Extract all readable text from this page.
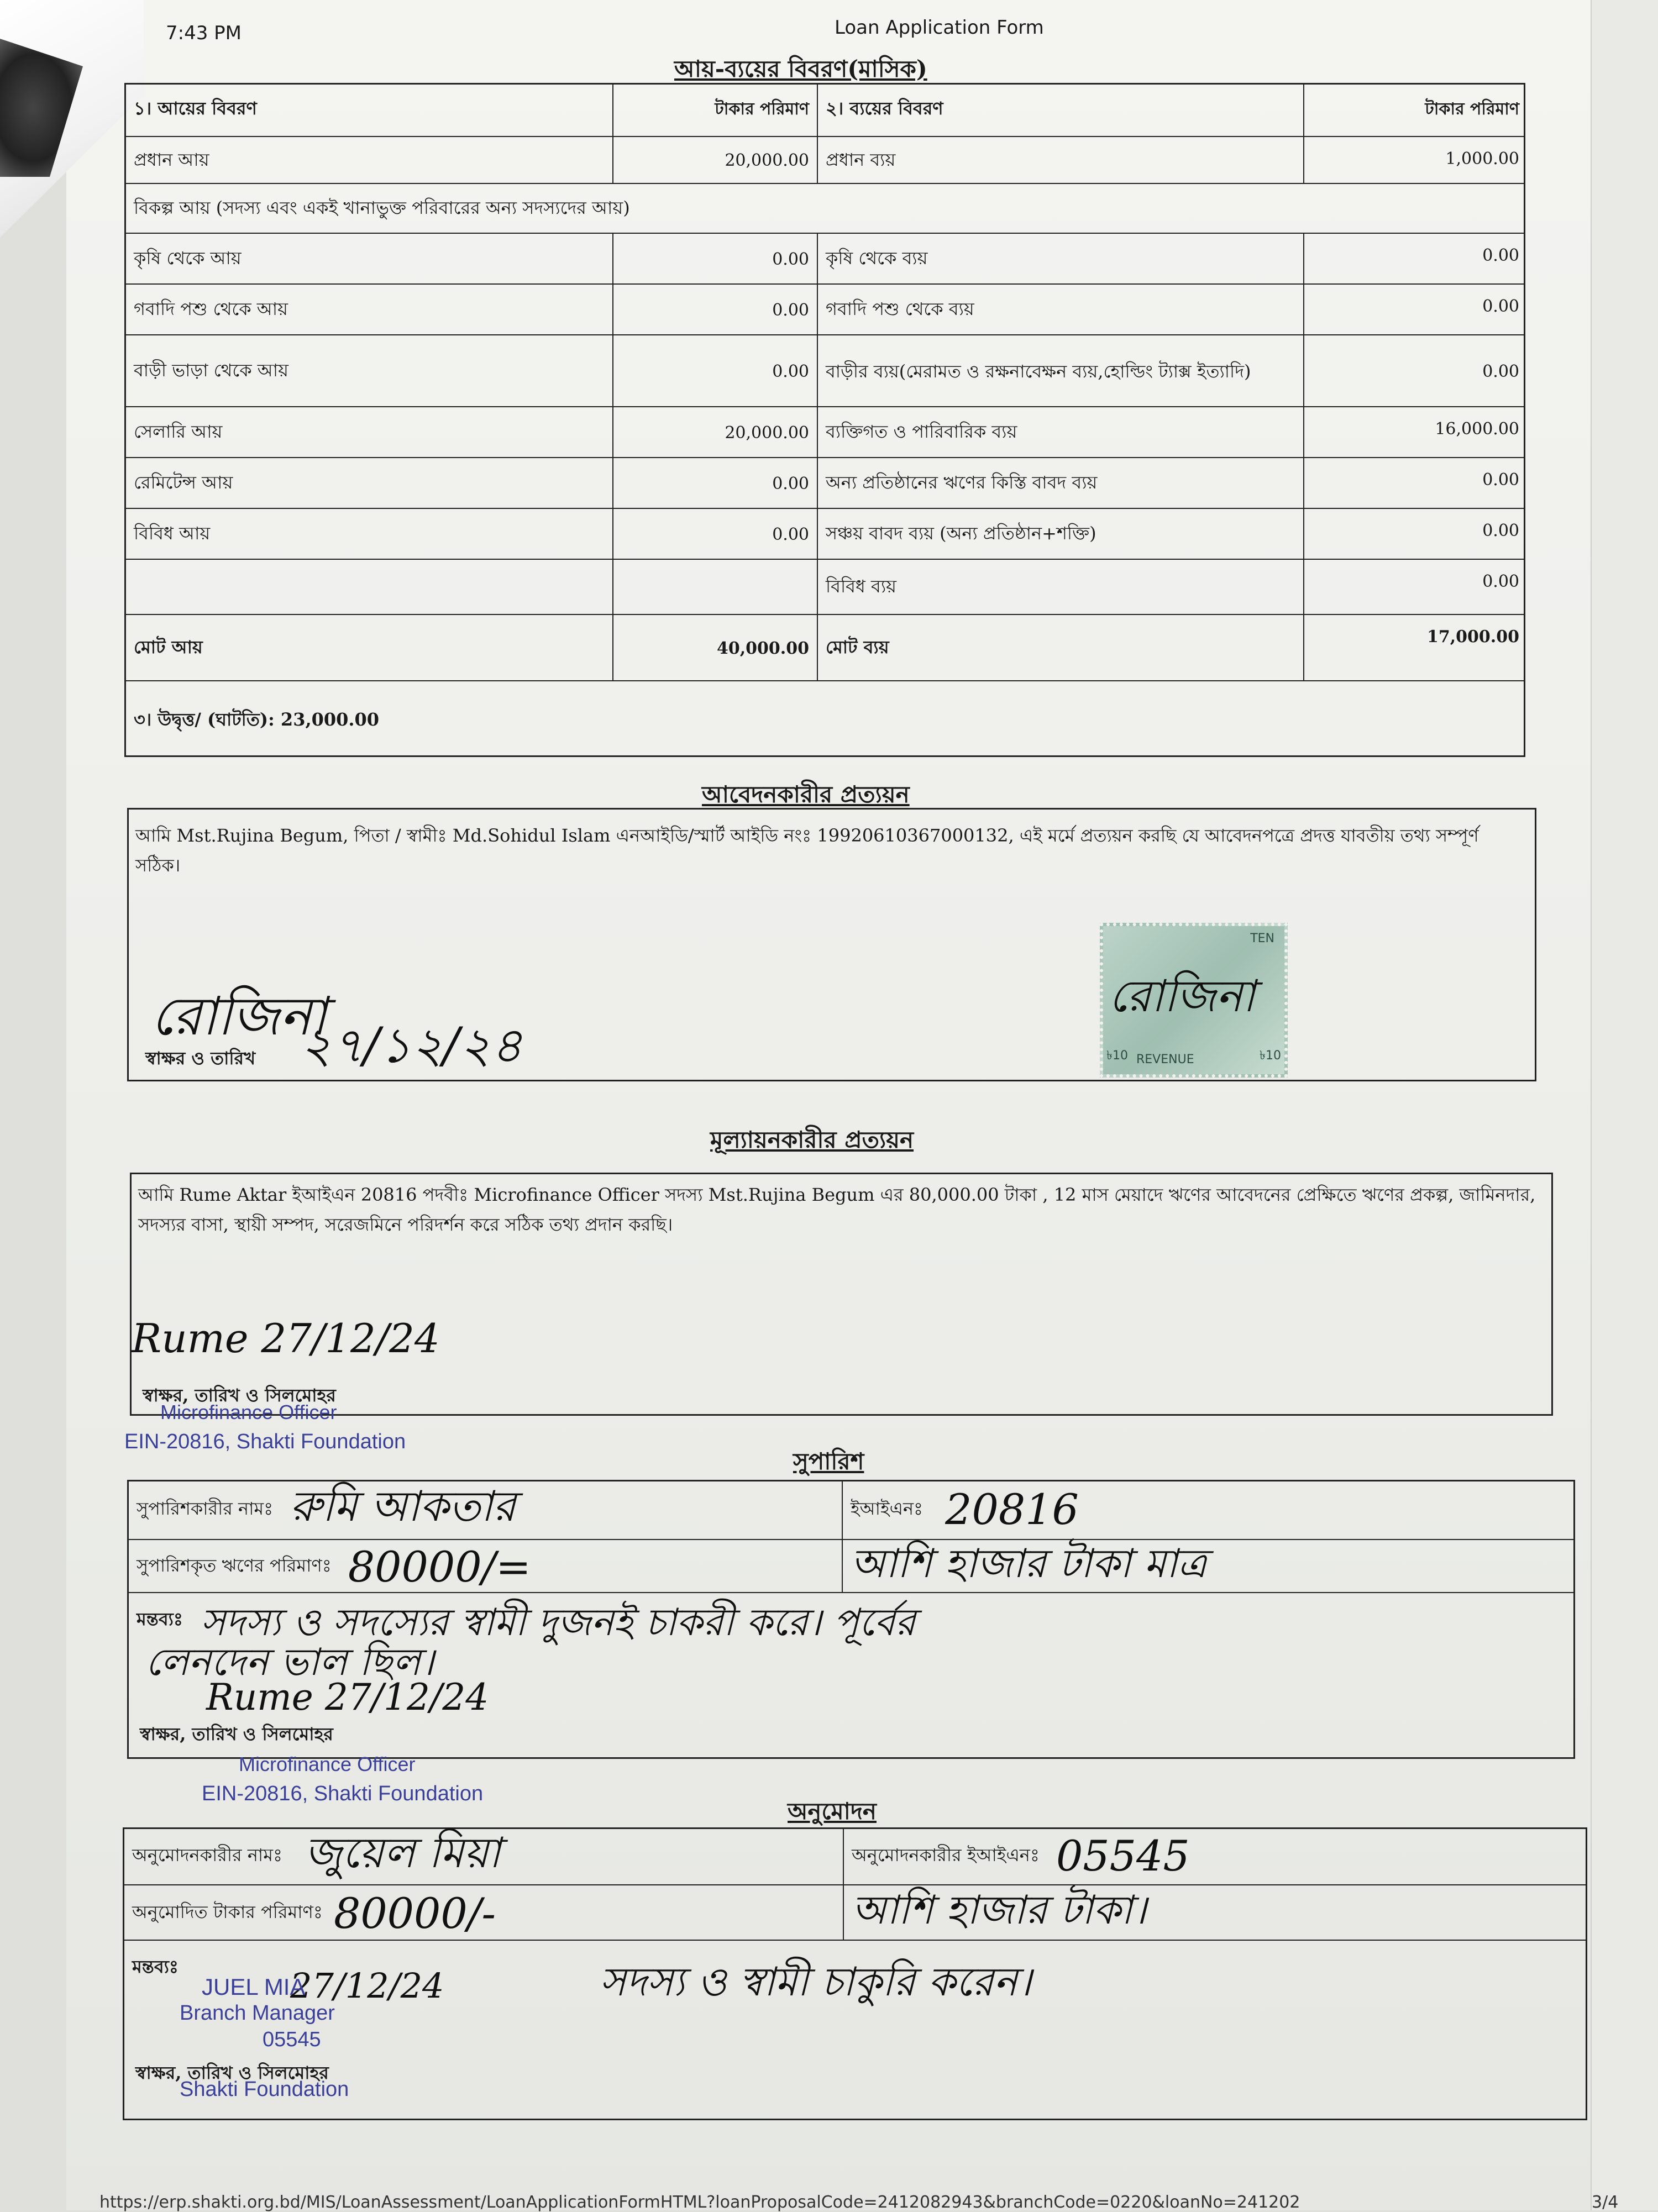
7:43 PM	Loan Application Form
আয়-ব্যয়ের বিবরণ(মাসিক)
১। আয়ের বিবরণ	টাকার পরিমাণ ২। ব্যয়ের বিবরণ	টাকার পরিমাণ
প্রধান আয়	20,000.00 প্রধান ব্যয়	1,000.00
বিকল্প আয় (সদস্য এবং একই খানাভুক্ত পরিবারের অন্য সদস্যদের আয়)
কৃষি থেকে আয়	0.00 কৃষি থেকে ব্যয়	0.00
গবাদি পশু থেকে আয়	0.00 গবাদি পশু থেকে ব্যয়	0.00
বাড়ী ভাড়া থেকে আয়	0.00 বাড়ীর ব্যয়(মেরামত ও রক্ষনাবেক্ষন ব্যয়,হোল্ডিং ট্যাক্স ইত্যাদি)	0.00
সেলারি আয়	20,000.00 ব্যক্তিগত ও পারিবারিক ব্যয়	16,000.00
রেমিটেন্স আয়	0.00 অন্য প্রতিষ্ঠানের ঋণের কিস্তি বাবদ ব্যয়	0.00
বিবিধ আয়	0.00 সঞ্চয় বাবদ ব্যয় (অন্য প্রতিষ্ঠান+শক্তি)	0.00
বিবিধ ব্যয়	0.00
মোট আয়	40,000.00 মোট ব্যয়	17,000.00
৩। উদ্বৃত্ত/ (ঘাটতি): 23,000.00
আবেদনকারীর প্রত্যয়ন
আমি Mst.Rujina Begum, পিতা / স্বামীঃ Md.Sohidul Islam এনআইডি/স্মার্ট আইডি নংঃ 19920610367000132, এই মর্মে প্রত্যয়ন করছি যে আবেদনপত্রে প্রদত্ত যাবতীয় তথ্য সম্পূর্ণ সঠিক।
রোজিনা
স্বাক্ষর ও তারিখ ২৭/১২/২৪
TEN
REVENUE
৳10	৳10
রোজিনা
মূল্যায়নকারীর প্রত্যয়ন
আমি Rume Aktar ইআইএন 20816 পদবীঃ Microfinance Officer সদস্য Mst.Rujina Begum এর 80,000.00 টাকা , 12 মাস মেয়াদে ঋণের আবেদনের প্রেক্ষিতে ঋণের প্রকল্প, জামিনদার, সদস্যর বাসা, স্থায়ী সম্পদ, সরেজমিনে পরিদর্শন করে সঠিক তথ্য প্রদান করছি।
Rume 27/12/24
স্বাক্ষর, তারিখ ও সিলমোহর
Microfinance Officer
EIN-20816, Shakti Foundation
সুপারিশ
সুপারিশকারীর নামঃ রুমি আকতার	ইআইএনঃ 20816
সুপারিশকৃত ঋণের পরিমাণঃ 80000/=	আশি হাজার টাকা মাত্র
মন্তব্যঃ সদস্য ও সদস্যের স্বামী দুজনই চাকরী করে। পূর্বের
লেনদেন ভাল ছিল।
Rume 27/12/24
স্বাক্ষর, তারিখ ও সিলমোহর
Microfinance Officer
EIN-20816, Shakti Foundation
অনুমোদন
অনুমোদনকারীর নামঃ জুয়েল মিয়া	অনুমোদনকারীর ইআইএনঃ 05545
অনুমোদিত টাকার পরিমাণঃ 80000/-	আশি হাজার টাকা।
মন্তব্যঃ	সদস্য ও স্বামী চাকুরি করেন।
27/12/24
JUEL MIA
Branch Manager
05545
স্বাক্ষর, তারিখ ও সিলমোহর
Shakti Foundation
https://erp.shakti.org.bd/MIS/LoanAssessment/LoanApplicationFormHTML?loanProposalCode=2412082943&branchCode=0220&loanNo=241202	3/4
